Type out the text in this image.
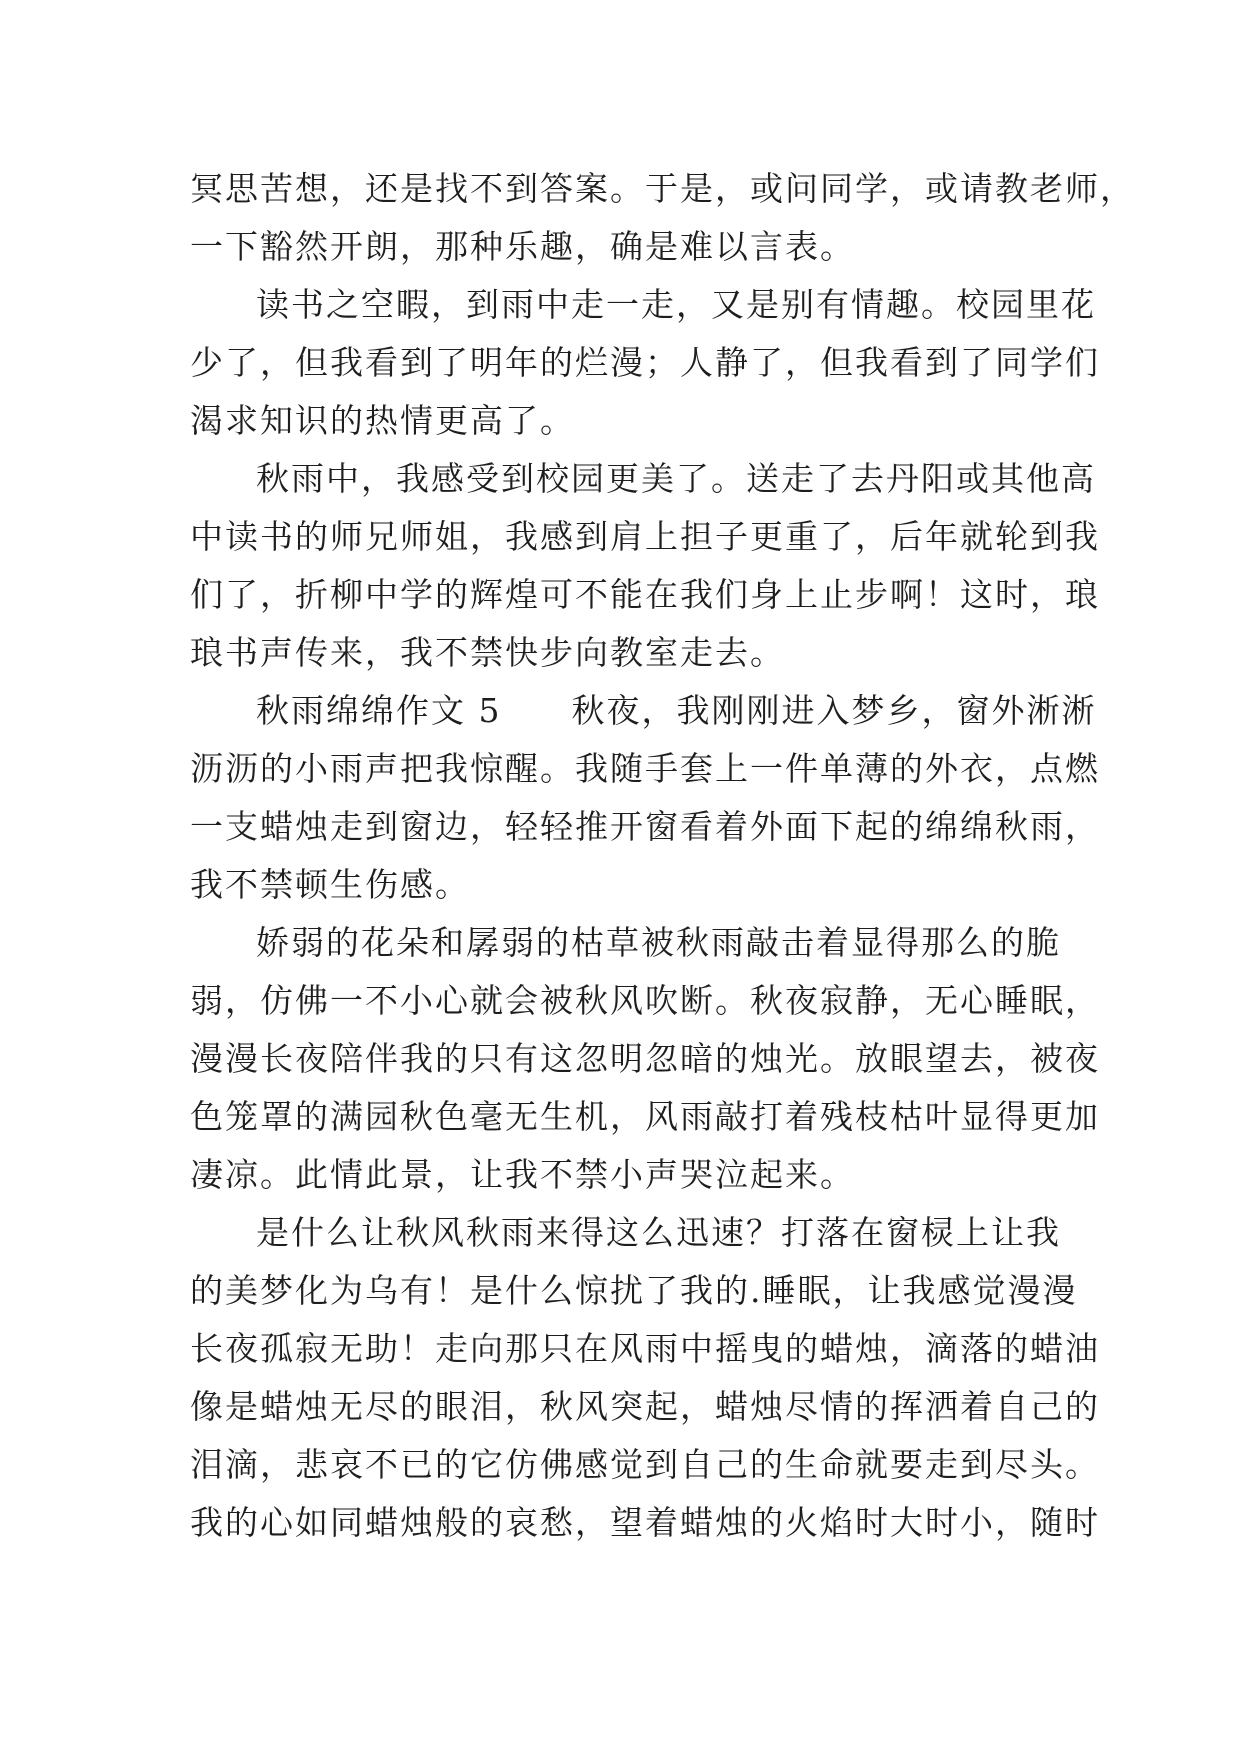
冥思苦想，还是找不到答案。于是，或问同学，或请教老师，
一下豁然开朗，那种乐趣，确是难以言表。
读书之空暇，到雨中走一走，又是别有情趣。校园里花
少了，但我看到了明年的烂漫；人静了，但我看到了同学们
渴求知识的热情更高了。
秋雨中，我感受到校园更美了。送走了去丹阳或其他高
中读书的师兄师姐，我感到肩上担子更重了，后年就轮到我
们了，折柳中学的辉煌可不能在我们身上止步啊！这时，琅
琅书声传来，我不禁快步向教室走去。
秋雨绵绵作文 5　　秋夜，我刚刚进入梦乡，窗外淅淅
沥沥的小雨声把我惊醒。我随手套上一件单薄的外衣，点燃
一支蜡烛走到窗边，轻轻推开窗看着外面下起的绵绵秋雨，
我不禁顿生伤感。
娇弱的花朵和孱弱的枯草被秋雨敲击着显得那么的脆
弱，仿佛一不小心就会被秋风吹断。秋夜寂静，无心睡眠，
漫漫长夜陪伴我的只有这忽明忽暗的烛光。放眼望去，被夜
色笼罩的满园秋色毫无生机，风雨敲打着残枝枯叶显得更加
凄凉。此情此景，让我不禁小声哭泣起来。
是什么让秋风秋雨来得这么迅速？打落在窗棂上让我
的美梦化为乌有！是什么惊扰了我的.睡眠，让我感觉漫漫
长夜孤寂无助！走向那只在风雨中摇曳的蜡烛，滴落的蜡油
像是蜡烛无尽的眼泪，秋风突起，蜡烛尽情的挥洒着自己的
泪滴，悲哀不已的它仿佛感觉到自己的生命就要走到尽头。
我的心如同蜡烛般的哀愁，望着蜡烛的火焰时大时小，随时
